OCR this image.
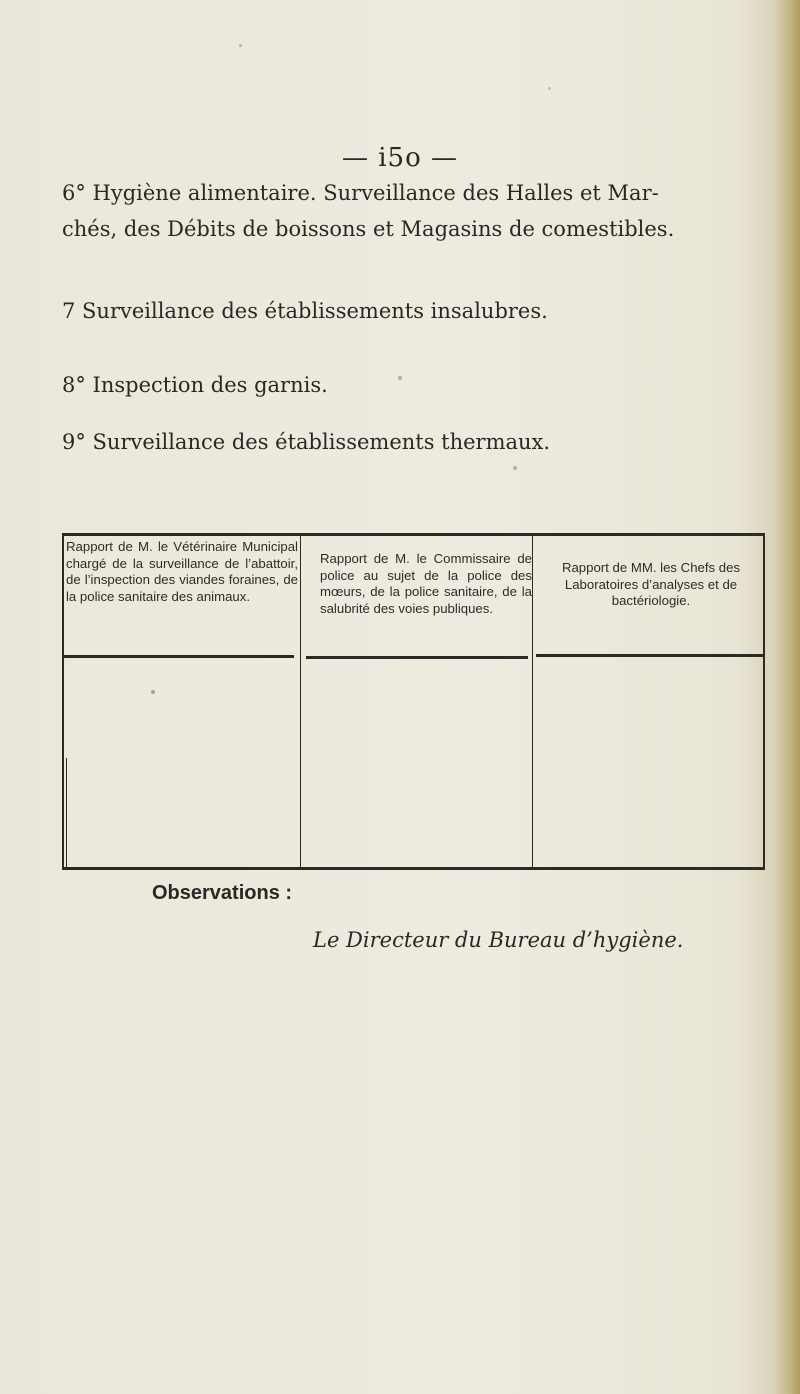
— i5o —
6° Hygiène alimentaire. Surveillance des Halles et Mar-
chés, des Débits de boissons et Magasins de comestibles.
7 Surveillance des établissements insalubres.
8° Inspection des garnis.
9° Surveillance des établissements thermaux.
Rapport de M. le Vétérinaire Municipal chargé de la surveillance de l’abattoir, de l’inspection des viandes foraines, de la police sanitaire des animaux.
Rapport de M. le Commissaire de police au sujet de la police des mœurs, de la police sanitaire, de la salubrité des voies publiques.
Rapport de MM. les Chefs des Laboratoires d’analyses et de bactériologie.
Observations :
Le Directeur du Bureau d’hygiène.
